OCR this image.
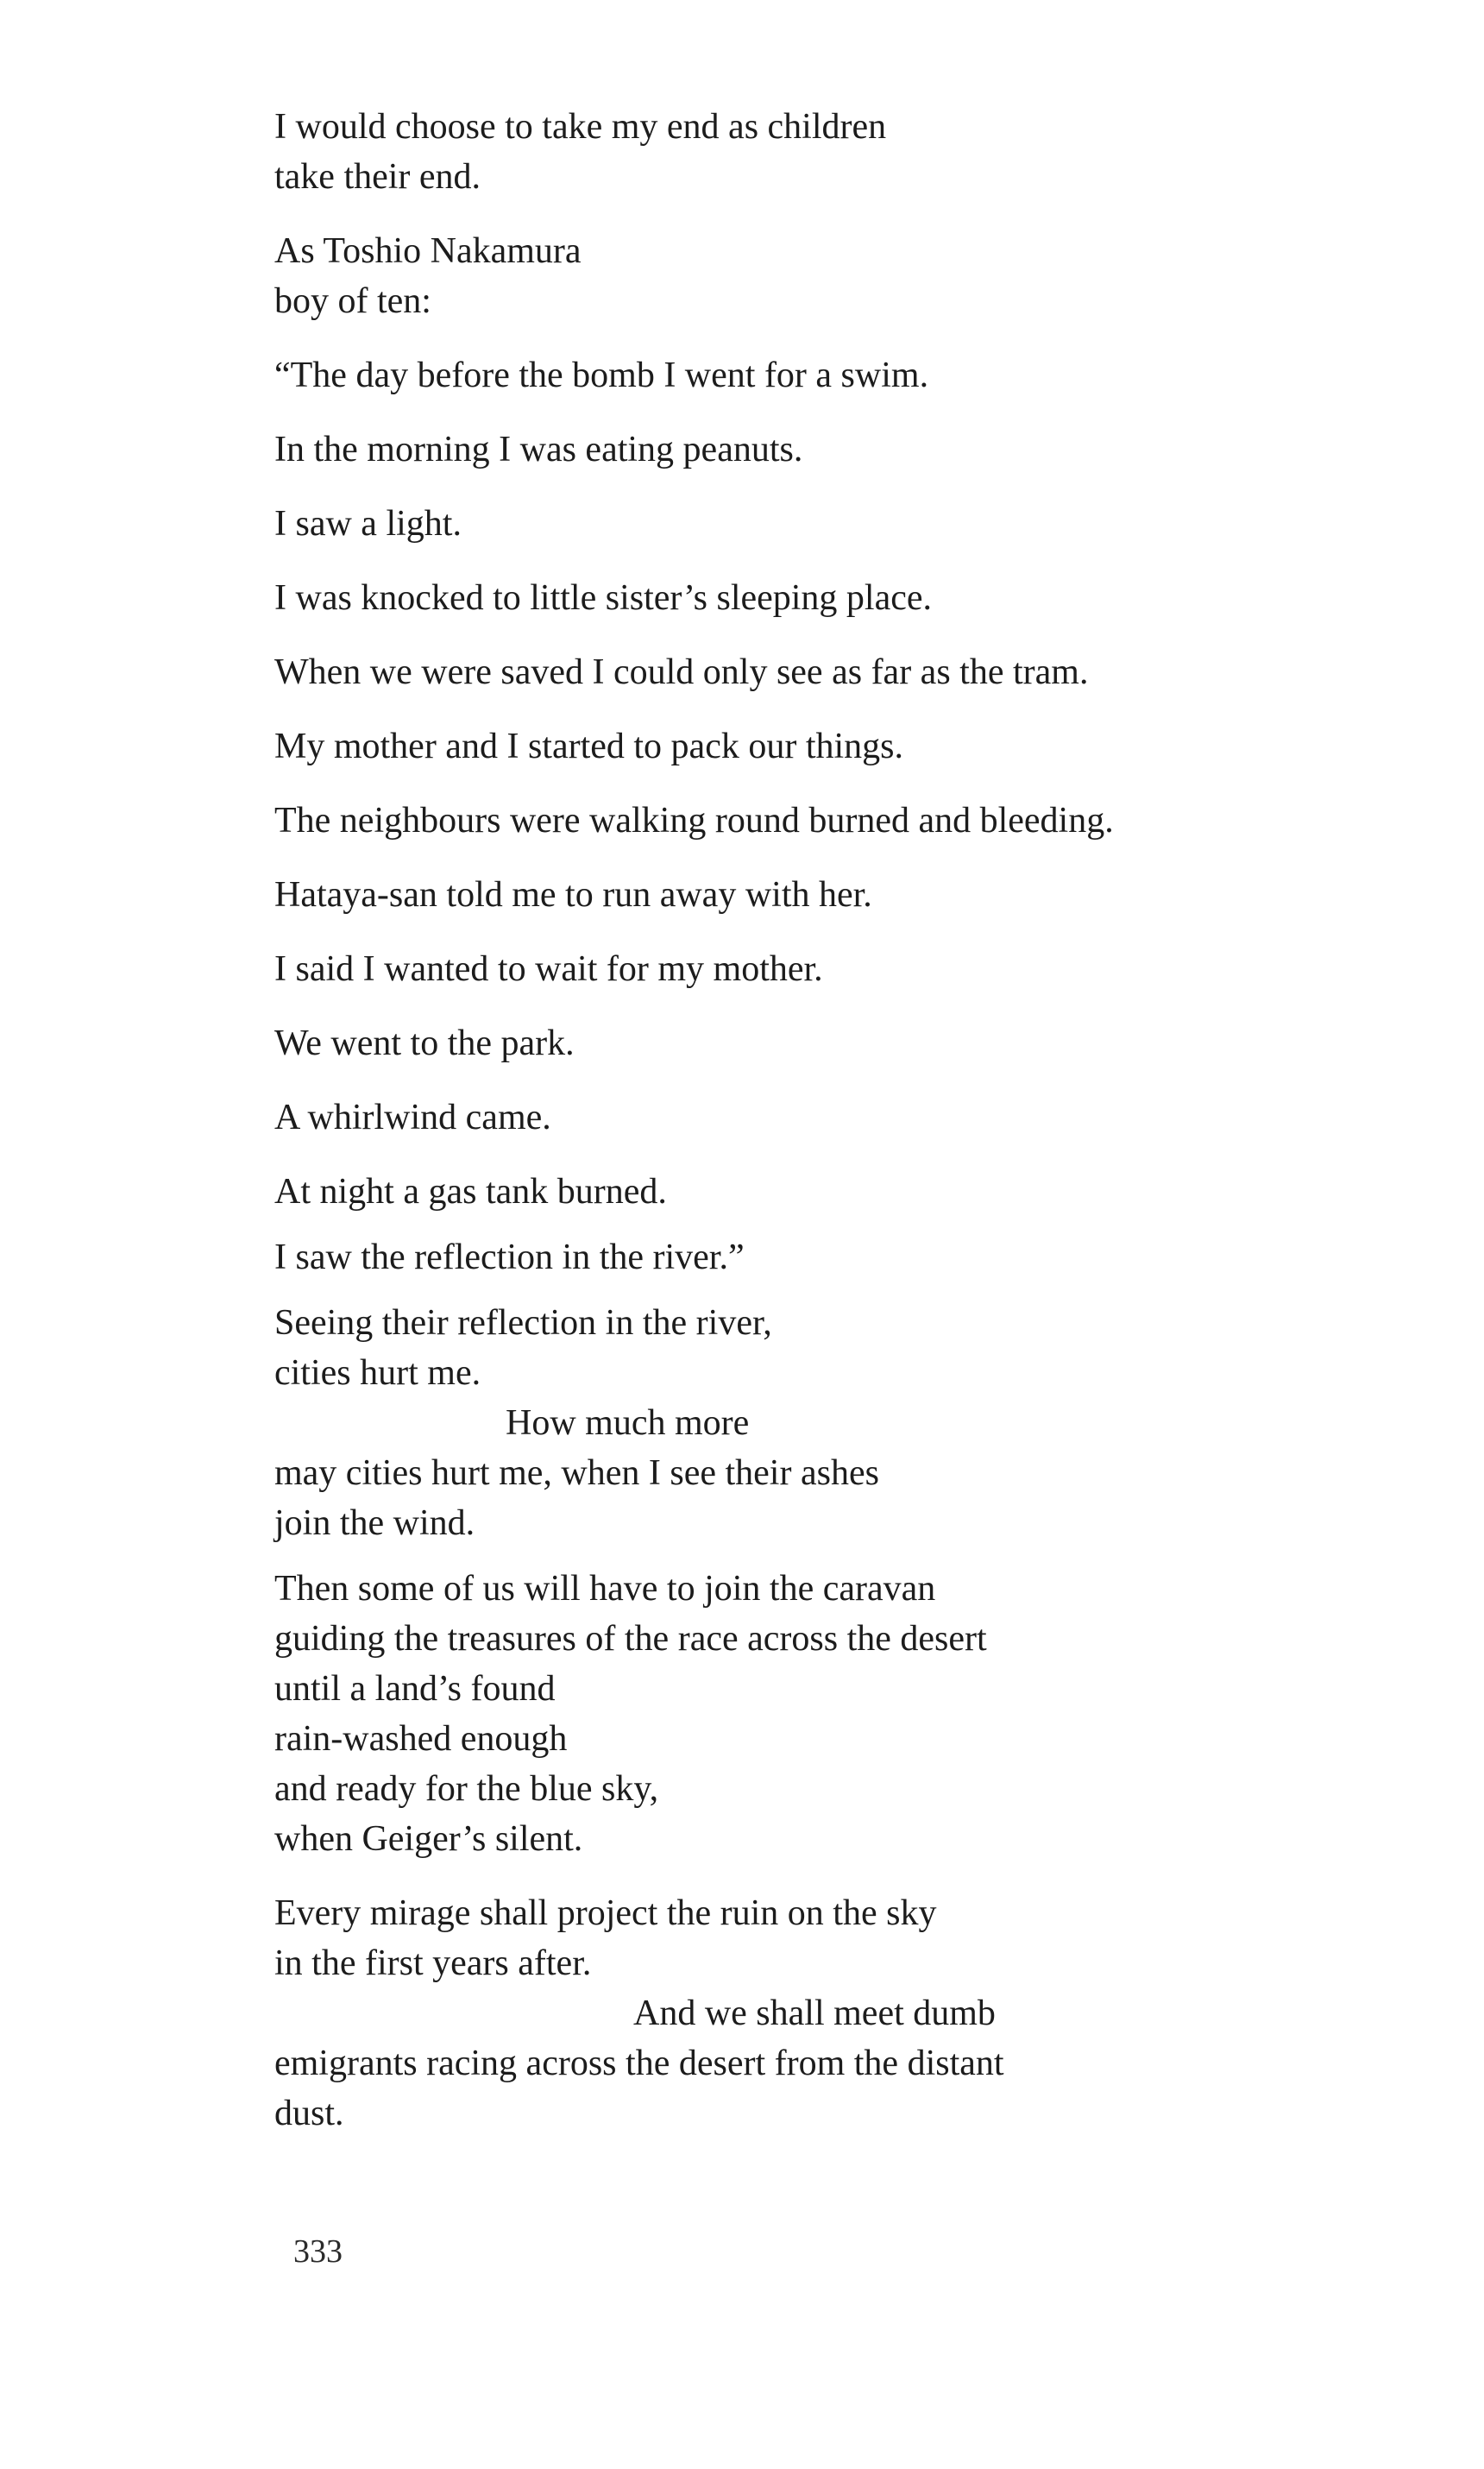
I would choose to take my end as children
take their end.
As Toshio Nakamura
boy of ten:
“The day before the bomb I went for a swim.
In the morning I was eating peanuts.
I saw a light.
I was knocked to little sister’s sleeping place.
When we were saved I could only see as far as the tram.
My mother and I started to pack our things.
The neighbours were walking round burned and bleeding.
Hataya-san told me to run away with her.
I said I wanted to wait for my mother.
We went to the park.
A whirlwind came.
At night a gas tank burned.
I saw the reflection in the river.”
Seeing their reflection in the river,
cities hurt me.
How much more
may cities hurt me, when I see their ashes
join the wind.
Then some of us will have to join the caravan
guiding the treasures of the race across the desert
until a land’s found
rain-washed enough
and ready for the blue sky,
when Geiger’s silent.
Every mirage shall project the ruin on the sky
in the first years after.
And we shall meet dumb
emigrants racing across the desert from the distant
dust.
333
